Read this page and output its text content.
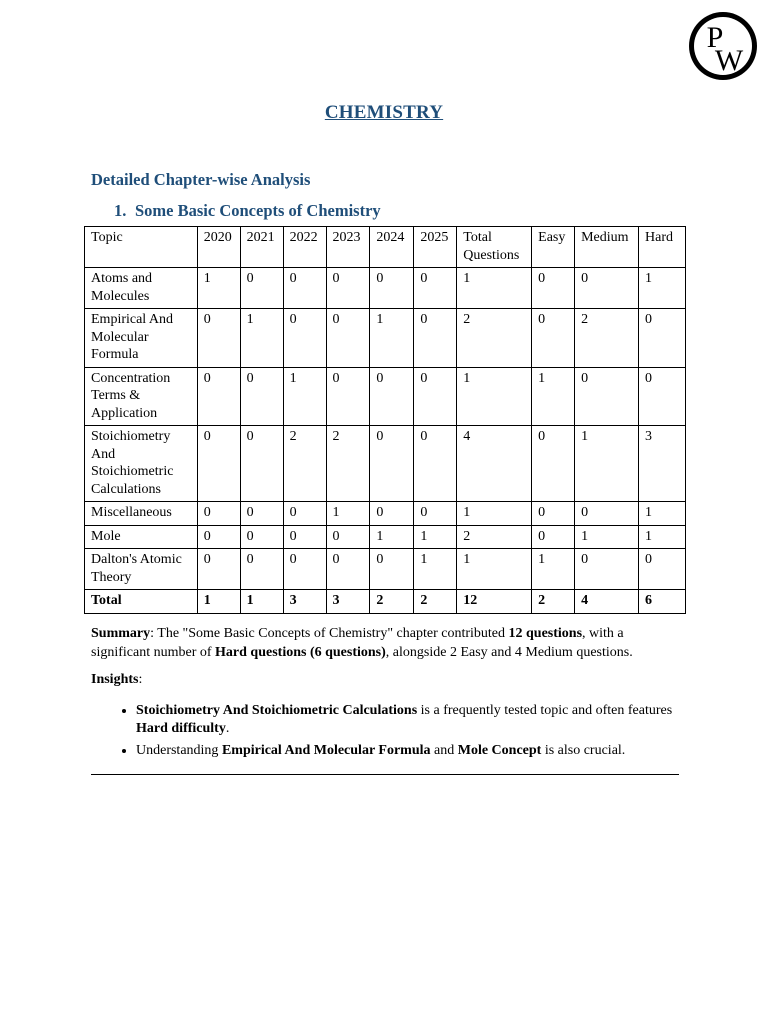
P
W
CHEMISTRY
Detailed Chapter-wise Analysis
1. Some Basic Concepts of Chemistry
Topic	2020	2021	2022	2023	2024	2025	Total Questions	Easy	Medium	Hard
Atoms and Molecules	1	0	0	0	0	0	1	0	0	1
Empirical And Molecular Formula	0	1	0	0	1	0	2	0	2	0
Concentration Terms & Application	0	0	1	0	0	0	1	1	0	0
Stoichiometry And Stoichiometric Calculations	0	0	2	2	0	0	4	0	1	3
Miscellaneous	0	0	0	1	0	0	1	0	0	1
Mole	0	0	0	0	1	1	2	0	1	1
Dalton's Atomic Theory	0	0	0	0	0	1	1	1	0	0
Total	1	1	3	3	2	2	12	2	4	6
Summary: The "Some Basic Concepts of Chemistry" chapter contributed 12 questions, with a significant number of Hard questions (6 questions), alongside 2 Easy and 4 Medium questions.
Insights:
• Stoichiometry And Stoichiometric Calculations is a frequently tested topic and often features Hard difficulty.
• Understanding Empirical And Molecular Formula and Mole Concept is also crucial.
